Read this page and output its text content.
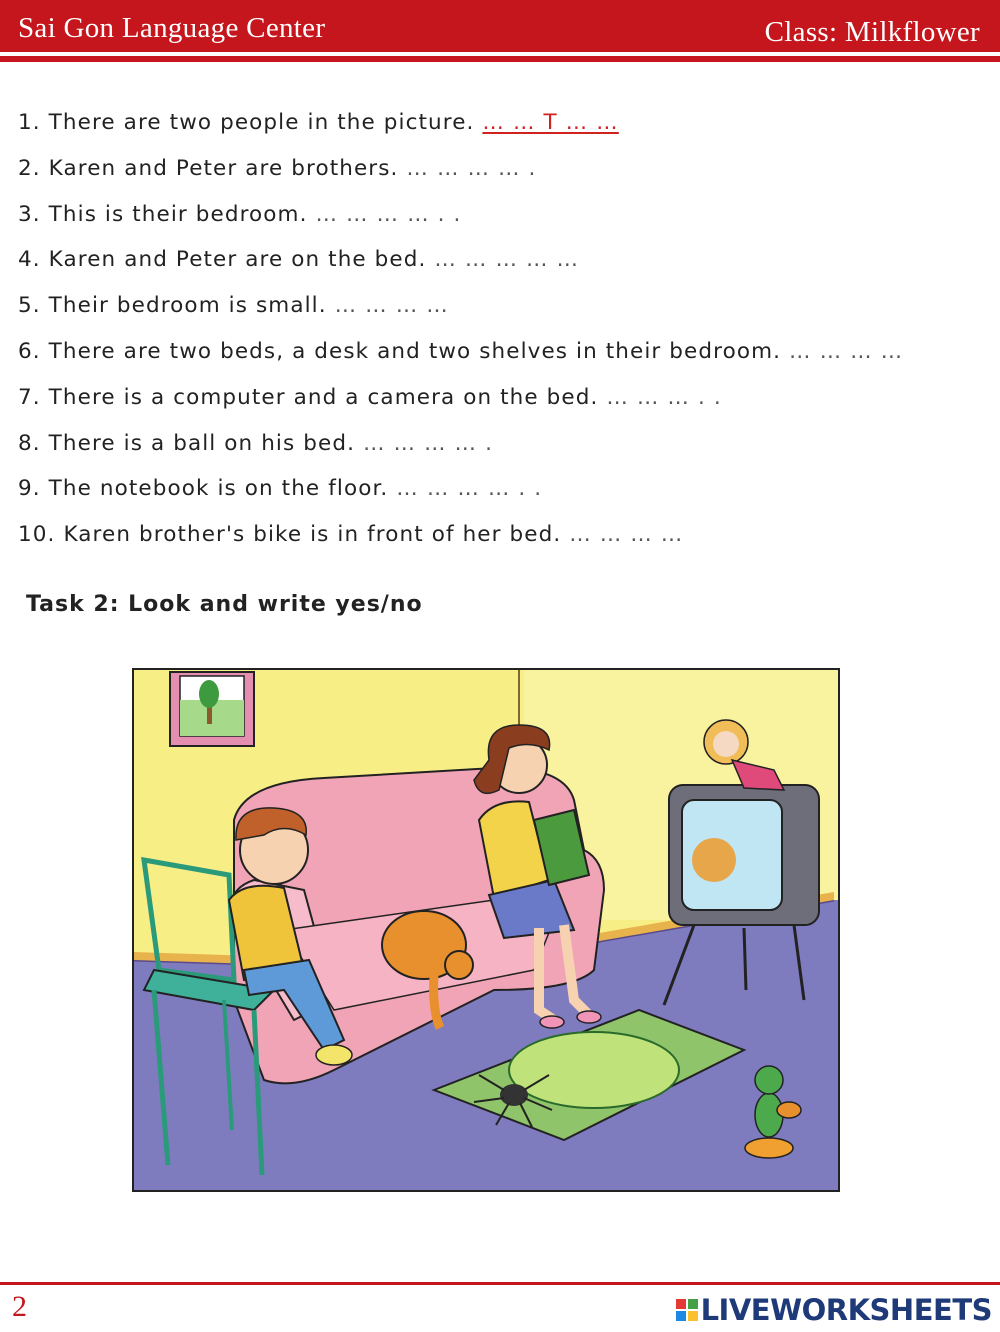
Sai Gon Language Center	Class: Milkflower
1. There are two people in the picture. … … T … …
2. Karen and Peter are brothers. … … … … .
3. This is their bedroom. … … … … . .
4. Karen and Peter are on the bed. … … … … …
5. Their bedroom is small. … … … …
6. There are two beds, a desk and two shelves in their bedroom. … … … …
7. There is a computer and a camera on the bed. … … … . .
8. There is a ball on his bed. … … … … .
9. The notebook is on the floor. … … … … . .
10. Karen brother's bike is in front of her bed. … … … …
Task 2: Look and write yes/no
2	LIVEWORKSHEETS
